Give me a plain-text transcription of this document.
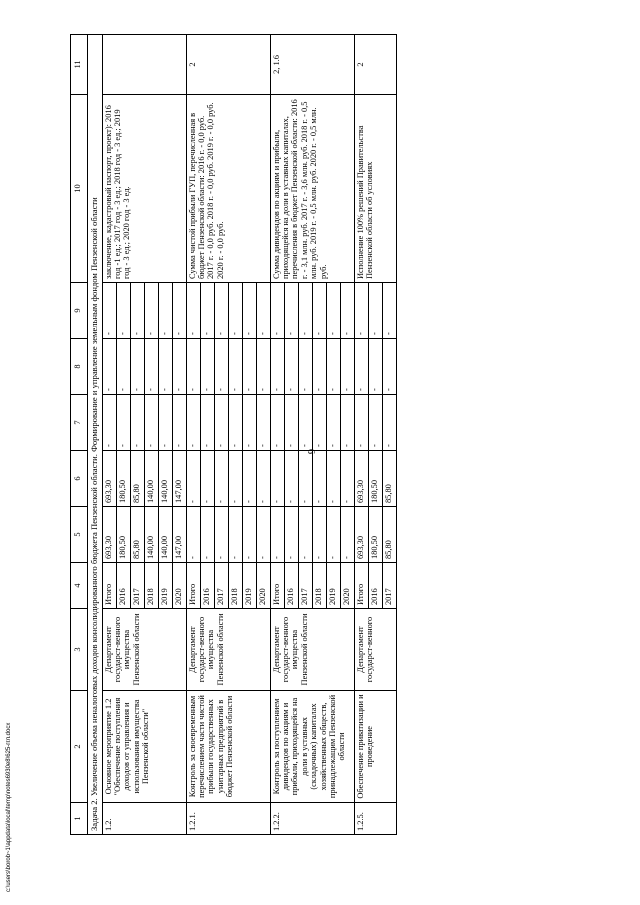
6
c:\users\borob~1\appdata\local\temp\notes6930e8\625-ггл.docx	1	2	3	4	5	6	7	8	9	10	11
Задача 2. Увеличение объема неналоговых доходов консолидированного бюджета Пензенской области. Формирование и управление земельным фондом Пензенской области										
1.2.	Основное мероприятие 1.2 "Обеспечение поступления доходов от управления и использования имущества Пензенской области"	Департамент государст-венного имущества Пензенской области	Итого	693,30	693,30	-	-	-	заключение, кадастровый паспорт, проект): 2016 год -1 ед.; 2017 год - 3 ед.; 2018 год - 3 ед.; 2019 год - 3 ед.; 2020 год - 3 ед.	
			2016	180,50	180,50	-	-	-		
			2017	85,80	85,80	-	-	-		
			2018	140,00	140,00	-	-	-		
			2019	140,00	140,00	-	-	-		
			2020	147,00	147,00	-	-	-		
1.2.1.	Контроль за своевременным перечислением части чистой прибыли государственных унитарных предприятий в бюджет Пензенской области	Департамент государст-венного имущества Пензенской области	Итого	-	-	-	-	-	Сумма чистой прибыли ГУП, перечисленная в бюджет Пензенской области: 2016 г. - 0,0 руб. 2017 г. - 0,0 руб. 2018 г. - 0,0 руб. 2019 г. - 0,0 руб. 2020 г. - 0,0 руб.	2
			2016	-	-	-	-	-		
			2017	-	-	-	-	-		
			2018	-	-	-	-	-		
			2019	-	-	-	-	-		
			2020	-	-	-	-	-		
1.2.2.	Контроль за поступлением дивидендов по акциям и прибыли, приходящейся на доли в уставных (складочных) капиталах хозяйственных обществ, принадлежащим Пензенской области	Департамент государст-венного имущества Пензенской области	Итого	-	-	-	-	-	Сумма дивидендов по акциям и прибыли, приходящейся на доли в уставных капиталах, перечисления в бюджет Пензенской области: 2016 г. - 3,1 млн. руб. 2017 г. - 3,6 млн. руб. 2018 г. - 0,5 млн. руб. 2019 г. - 0,5 млн. руб. 2020 г. - 0,5 млн. руб.	2, 1.6
			2016	-	-	-	-	-		
			2017	-	-	-	-	-		
			2018	-	-	-	-	-		
			2019	-	-	-	-	-		
			2020	-	-	-	-	-		
1.2.5.	Обеспечение приватизации и проведение	Департамент государст-венного	Итого	693,30	693,30	-	-	-	Исполнение 100% решений Правительства Пензенской области об условиях	2
			2016	180,50	180,50	-	-	-		
			2017	85,80	85,80	-	-	-		
